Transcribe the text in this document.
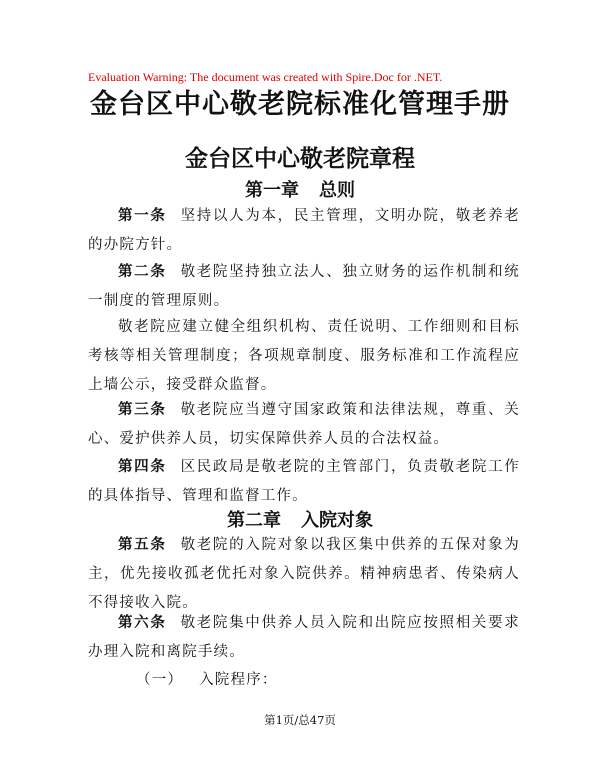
Evaluation Warning: The document was created with Spire.Doc for .NET.
金台区中心敬老院标准化管理手册
金台区中心敬老院章程
第一章 总则
第一条 坚持以人为本，民主管理，文明办院，敬老养老的办院方针。
第二条 敬老院坚持独立法人、独立财务的运作机制和统一制度的管理原则。
敬老院应建立健全组织机构、责任说明、工作细则和目标考核等相关管理制度；各项规章制度、服务标准和工作流程应上墙公示，接受群众监督。
第三条 敬老院应当遵守国家政策和法律法规，尊重、关心、爱护供养人员，切实保障供养人员的合法权益。
第四条 区民政局是敬老院的主管部门，负责敬老院工作的具体指导、管理和监督工作。
第二章 入院对象
第五条 敬老院的入院对象以我区集中供养的五保对象为主，优先接收孤老优托对象入院供养。精神病患者、传染病人不得接收入院。
第六条 敬老院集中供养人员入院和出院应按照相关要求办理入院和离院手续。
（一） 入院程序：
第1页/总47页
